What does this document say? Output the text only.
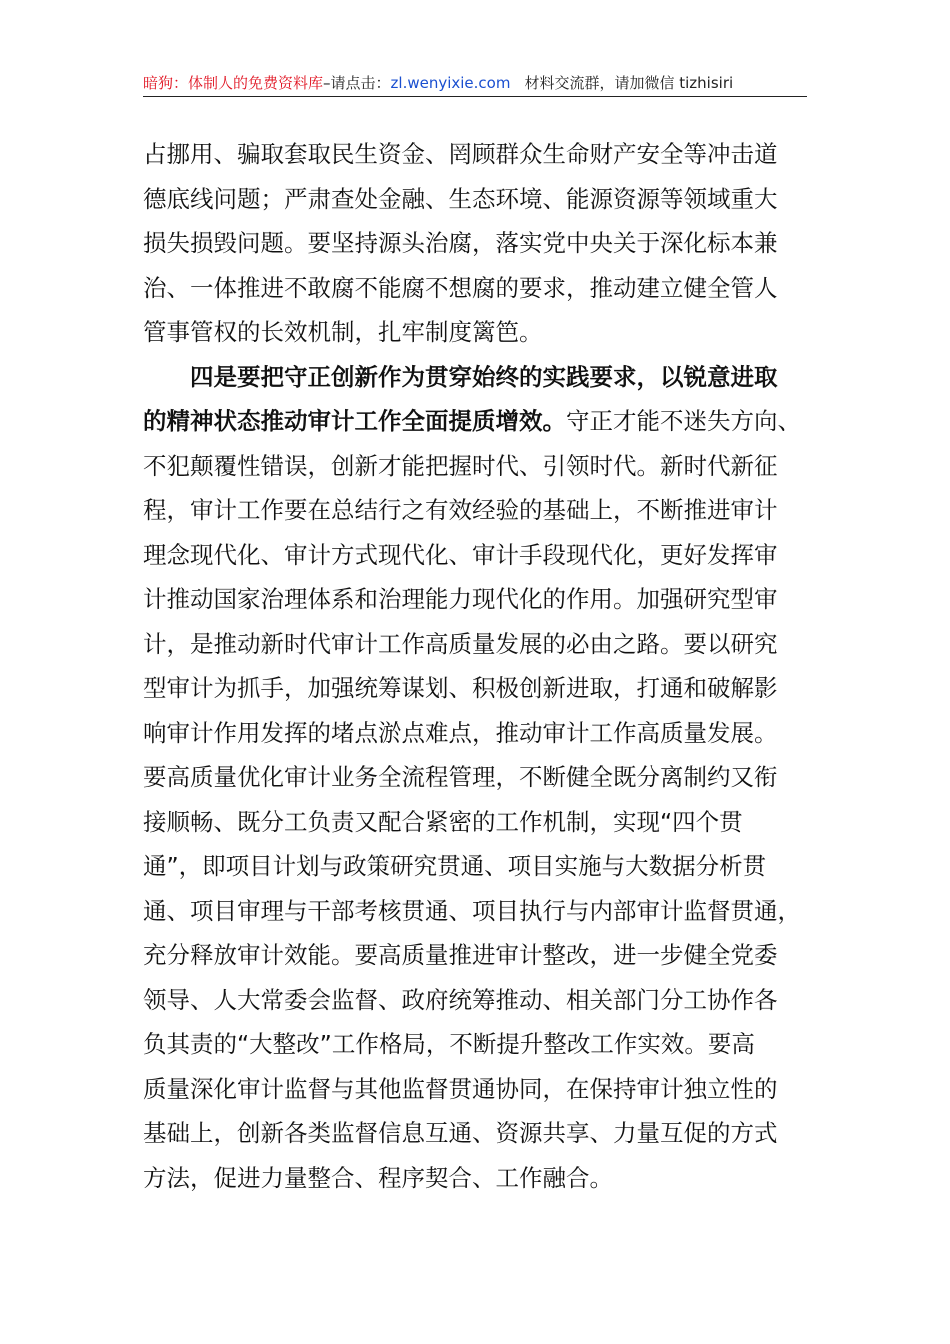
暗狗：体制人的免费资料库–请点击：zl.wenyixie.com 材料交流群，请加微信 tizhisiri
占挪用、骗取套取民生资金、罔顾群众生命财产安全等冲击道
德底线问题；严肃查处金融、生态环境、能源资源等领域重大
损失损毁问题。要坚持源头治腐，落实党中央关于深化标本兼
治、一体推进不敢腐不能腐不想腐的要求，推动建立健全管人
管事管权的长效机制，扎牢制度篱笆。
四是要把守正创新作为贯穿始终的实践要求，以锐意进取
的精神状态推动审计工作全面提质增效。守正才能不迷失方向、
不犯颠覆性错误，创新才能把握时代、引领时代。新时代新征
程，审计工作要在总结行之有效经验的基础上，不断推进审计
理念现代化、审计方式现代化、审计手段现代化，更好发挥审
计推动国家治理体系和治理能力现代化的作用。加强研究型审
计，是推动新时代审计工作高质量发展的必由之路。要以研究
型审计为抓手，加强统筹谋划、积极创新进取，打通和破解影
响审计作用发挥的堵点淤点难点，推动审计工作高质量发展。
要高质量优化审计业务全流程管理，不断健全既分离制约又衔
接顺畅、既分工负责又配合紧密的工作机制，实现“四个贯
通”，即项目计划与政策研究贯通、项目实施与大数据分析贯
通、项目审理与干部考核贯通、项目执行与内部审计监督贯通，
充分释放审计效能。要高质量推进审计整改，进一步健全党委
领导、人大常委会监督、政府统筹推动、相关部门分工协作各
负其责的“大整改”工作格局，不断提升整改工作实效。要高
质量深化审计监督与其他监督贯通协同，在保持审计独立性的
基础上，创新各类监督信息互通、资源共享、力量互促的方式
方法，促进力量整合、程序契合、工作融合。
